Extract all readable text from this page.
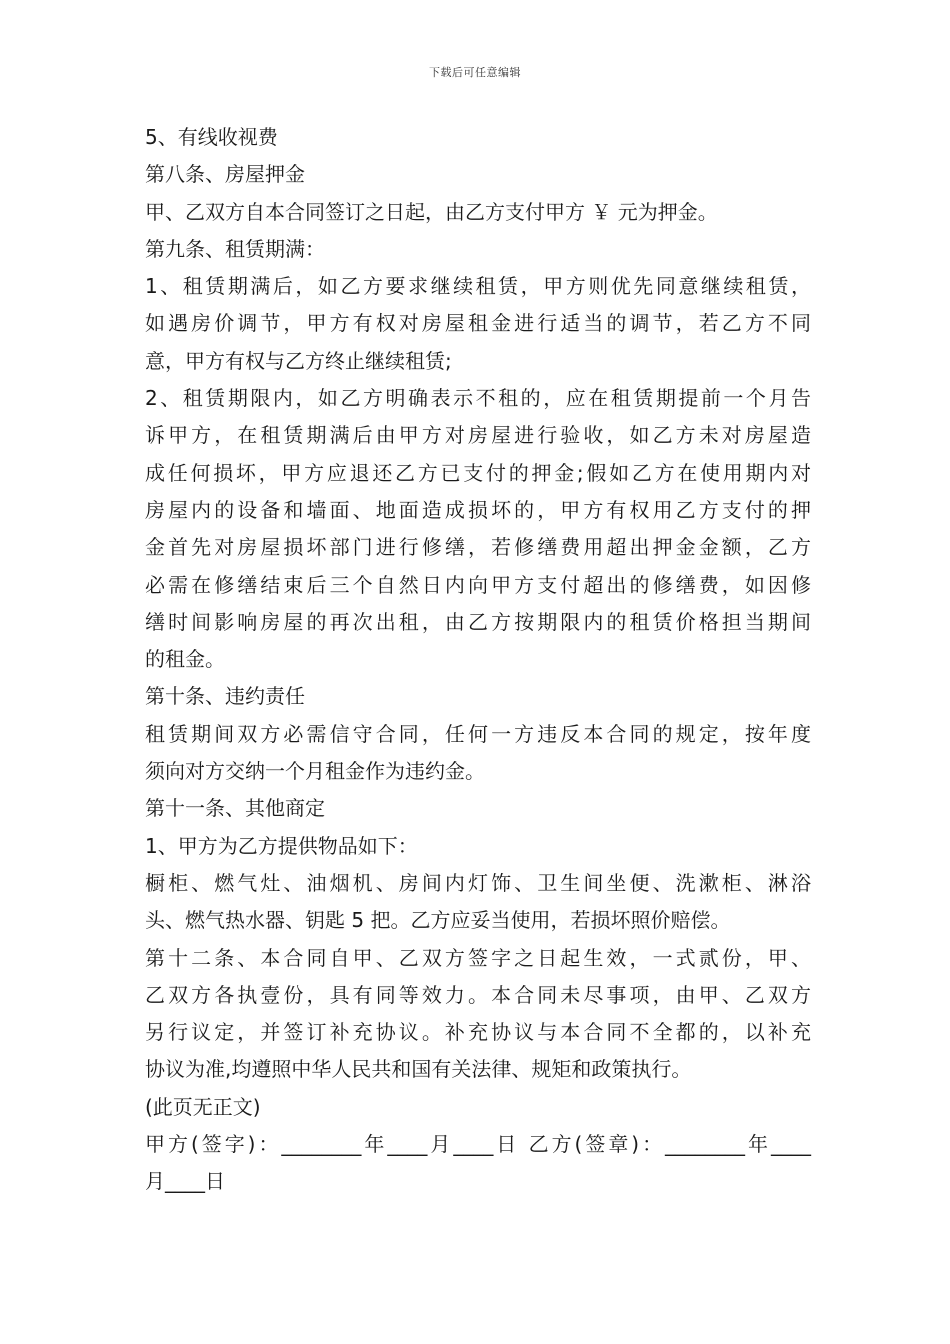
下载后可任意编辑
5、有线收视费
第八条、房屋押金
甲、乙双方自本合同签订之日起，由乙方支付甲方 ￥ 元为押金。
第九条、租赁期满：
1、租赁期满后，如乙方要求继续租赁，甲方则优先同意继续租赁，
如遇房价调节，甲方有权对房屋租金进行适当的调节，若乙方不同
意，甲方有权与乙方终止继续租赁;
2、租赁期限内，如乙方明确表示不租的，应在租赁期提前一个月告
诉甲方，在租赁期满后由甲方对房屋进行验收，如乙方未对房屋造
成任何损坏，甲方应退还乙方已支付的押金;假如乙方在使用期内对
房屋内的设备和墙面、地面造成损坏的，甲方有权用乙方支付的押
金首先对房屋损坏部门进行修缮，若修缮费用超出押金金额，乙方
必需在修缮结束后三个自然日内向甲方支付超出的修缮费，如因修
缮时间影响房屋的再次出租，由乙方按期限内的租赁价格担当期间
的租金。
第十条、违约责任
租赁期间双方必需信守合同，任何一方违反本合同的规定，按年度
须向对方交纳一个月租金作为违约金。
第十一条、其他商定
1、甲方为乙方提供物品如下：
橱柜、燃气灶、油烟机、房间内灯饰、卫生间坐便、洗漱柜、淋浴
头、燃气热水器、钥匙 5 把。乙方应妥当使用，若损坏照价赔偿。
第十二条、本合同自甲、乙双方签字之日起生效，一式贰份，甲、
乙双方各执壹份，具有同等效力。本合同未尽事项，由甲、乙双方
另行议定，并签订补充协议。补充协议与本合同不全都的，以补充
协议为准,均遵照中华人民共和国有关法律、规矩和政策执行。
(此页无正文)
甲方(签字)：________年____月____日 乙方(签章)：________年____
月____日
